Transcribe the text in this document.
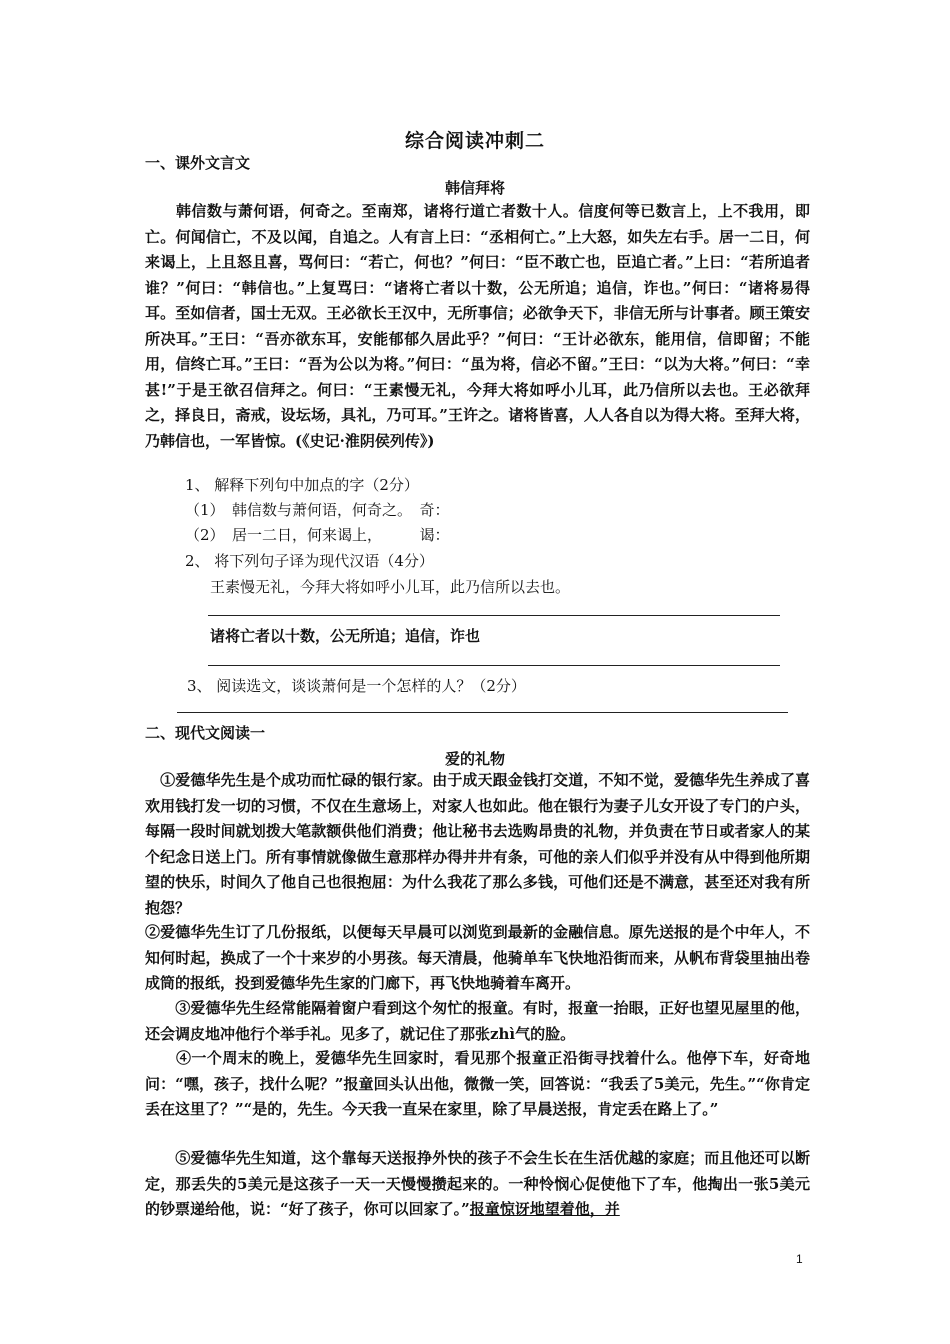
综合阅读冲刺二
一、课外文言文
韩信拜将

　　韩信数与萧何语，何奇之。至南郑，诸将行道亡者数十人。信度何等已数言上，上不我用，即亡。何闻信亡，不及以闻，自追之。人有言上曰：“丞相何亡。”上大怒，如失左右手。居一二日，何来谒上，上且怒且喜，骂何曰：“若亡，何也？”何曰：“臣不敢亡也，臣追亡者。”上曰：“若所追者谁？”何曰：“韩信也。”上复骂曰：“诸将亡者以十数，公无所追；追信，诈也。”何曰：“诸将易得耳。至如信者，国士无双。王必欲长王汉中，无所事信；必欲争天下，非信无所与计事者。顾王策安所决耳。”王曰：“吾亦欲东耳，安能郁郁久居此乎？”何曰：“王计必欲东，能用信，信即留；不能用，信终亡耳。”王曰：“吾为公以为将。”何曰：“虽为将，信必不留。”王曰：“以为大将。”何曰：“幸甚!”于是王欲召信拜之。何曰：“王素慢无礼，今拜大将如呼小儿耳，此乃信所以去也。王必欲拜之，择良日，斋戒，设坛场，具礼，乃可耳。”王许之。诸将皆喜，人人各自以为得大将。至拜大将，乃韩信也，一军皆惊。(《史记·淮阴侯列传》)

1、 解释下列句中加点的字（2分）
（1）　韩信数与萧何语，何奇之。　奇：
（2）　居一二日，何来谒上，　　　谒：
2、 将下列句子译为现代汉语（4分）
王素慢无礼，今拜大将如呼小儿耳，此乃信所以去也。
诸将亡者以十数，公无所追；追信，诈也
3、 阅读选文，谈谈萧何是一个怎样的人？（2分）
二、现代文阅读一
爱的礼物

　①爱德华先生是个成功而忙碌的银行家。由于成天跟金钱打交道，不知不觉，爱德华先生养成了喜欢用钱打发一切的习惯，不仅在生意场上，对家人也如此。他在银行为妻子儿女开设了专门的户头，每隔一段时间就划拨大笔款额供他们消费；他让秘书去选购昂贵的礼物，并负责在节日或者家人的某个纪念日送上门。所有事情就像做生意那样办得井井有条，可他的亲人们似乎并没有从中得到他所期望的快乐，时间久了他自己也很抱屈：为什么我花了那么多钱，可他们还是不满意，甚至还对我有所抱怨？

②爱德华先生订了几份报纸，以便每天早晨可以浏览到最新的金融信息。原先送报的是个中年人，不知何时起，换成了一个十来岁的小男孩。每天清晨，他骑单车飞快地沿街而来，从帆布背袋里抽出卷成筒的报纸，投到爱德华先生家的门廊下，再飞快地骑着车离开。

　　③爱德华先生经常能隔着窗户看到这个匆忙的报童。有时，报童一抬眼，正好也望见屋里的他，还会调皮地冲他行个举手礼。见多了，就记住了那张zhì气的脸。

　　④一个周末的晚上，爱德华先生回家时，看见那个报童正沿街寻找着什么。他停下车，好奇地问：“嘿，孩子，找什么呢？”报童回头认出他，微微一笑，回答说：“我丢了5美元，先生。”“你肯定丢在这里了？”“是的，先生。今天我一直呆在家里，除了早晨送报，肯定丢在路上了。”

　　⑤爱德华先生知道，这个靠每天送报挣外快的孩子不会生长在生活优越的家庭；而且他还可以断定，那丢失的5美元是这孩子一天一天慢慢攒起来的。一种怜悯心促使他下了车，他掏出一张5美元的钞票递给他，说：“好了孩子，你可以回家了。”报童惊讶地望着他，并

1
